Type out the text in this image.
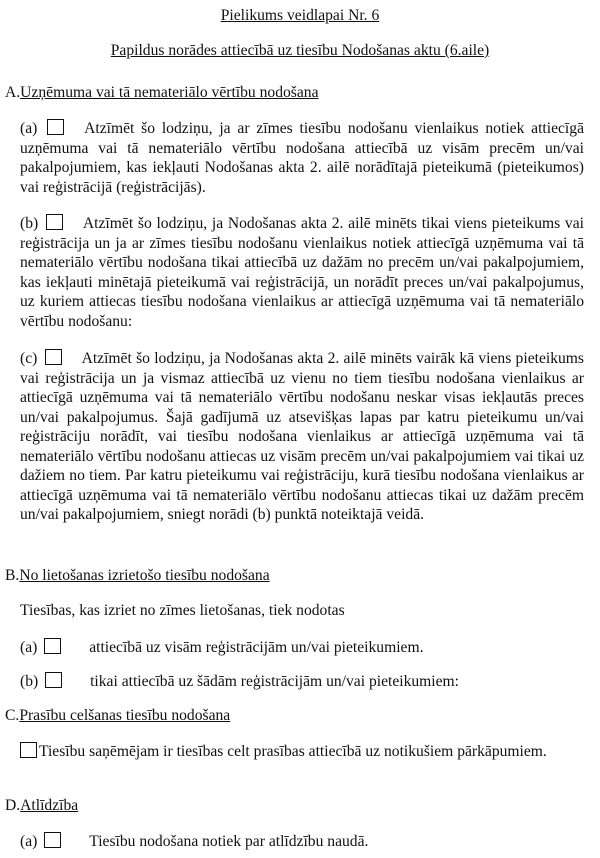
Pielikums veidlapai Nr. 6
Papildus norādes attiecībā uz tiesību Nodošanas aktu (6.aile)
A.Uzņēmuma vai tā nemateriālo vērtību nodošana
(a)	Atzīmēt šo lodziņu, ja ar zīmes tiesību nodošanu vienlaikus notiek attiecīgā uzņēmuma vai tā nemateriālo vērtību nodošana attiecībā uz visām precēm un/vai pakalpojumiem, kas iekļauti Nodošanas akta 2. ailē norādītajā pieteikumā (pieteikumos) vai reģistrācijā (reģistrācijās).
(b)	Atzīmēt šo lodziņu, ja Nodošanas akta 2. ailē minēts tikai viens pieteikums vai reģistrācija un ja ar zīmes tiesību nodošanu vienlaikus notiek attiecīgā uzņēmuma vai tā nemateriālo vērtību nodošana tikai attiecībā uz dažām no precēm un/vai pakalpojumiem, kas iekļauti minētajā pieteikumā vai reģistrācijā, un norādīt preces un/vai pakalpojumus, uz kuriem attiecas tiesību nodošana vienlaikus ar attiecīgā uzņēmuma vai tā nemateriālo vērtību nodošanu:
(c)	Atzīmēt šo lodziņu, ja Nodošanas akta 2. ailē minēts vairāk kā viens pieteikums vai reģistrācija un ja vismaz attiecībā uz vienu no tiem tiesību nodošana vienlaikus ar attiecīgā uzņēmuma vai tā nemateriālo vērtību nodošanu neskar visas iekļautās preces un/vai pakalpojumus. Šajā gadījumā uz atsevišķas lapas par katru pieteikumu un/vai reģistrāciju norādīt, vai tiesību nodošana vienlaikus ar attiecīgā uzņēmuma vai tā nemateriālo vērtību nodošanu attiecas uz visām precēm un/vai pakalpojumiem vai tikai uz dažiem no tiem. Par katru pieteikumu vai reģistrāciju, kurā tiesību nodošana vienlaikus ar attiecīgā uzņēmuma vai tā nemateriālo vērtību nodošanu attiecas tikai uz dažām precēm un/vai pakalpojumiem, sniegt norādi (b) punktā noteiktajā veidā.
B.No lietošanas izrietošo tiesību nodošana
Tiesības, kas izriet no zīmes lietošanas, tiek nodotas
(a)	attiecībā uz visām reģistrācijām un/vai pieteikumiem.
(b)	tikai attiecībā uz šādām reģistrācijām un/vai pieteikumiem:
C.Prasību celšanas tiesību nodošana
Tiesību saņēmējam ir tiesības celt prasības attiecībā uz notikušiem pārkāpumiem.
D.Atlīdzība
(a)	Tiesību nodošana notiek par atlīdzību naudā.
